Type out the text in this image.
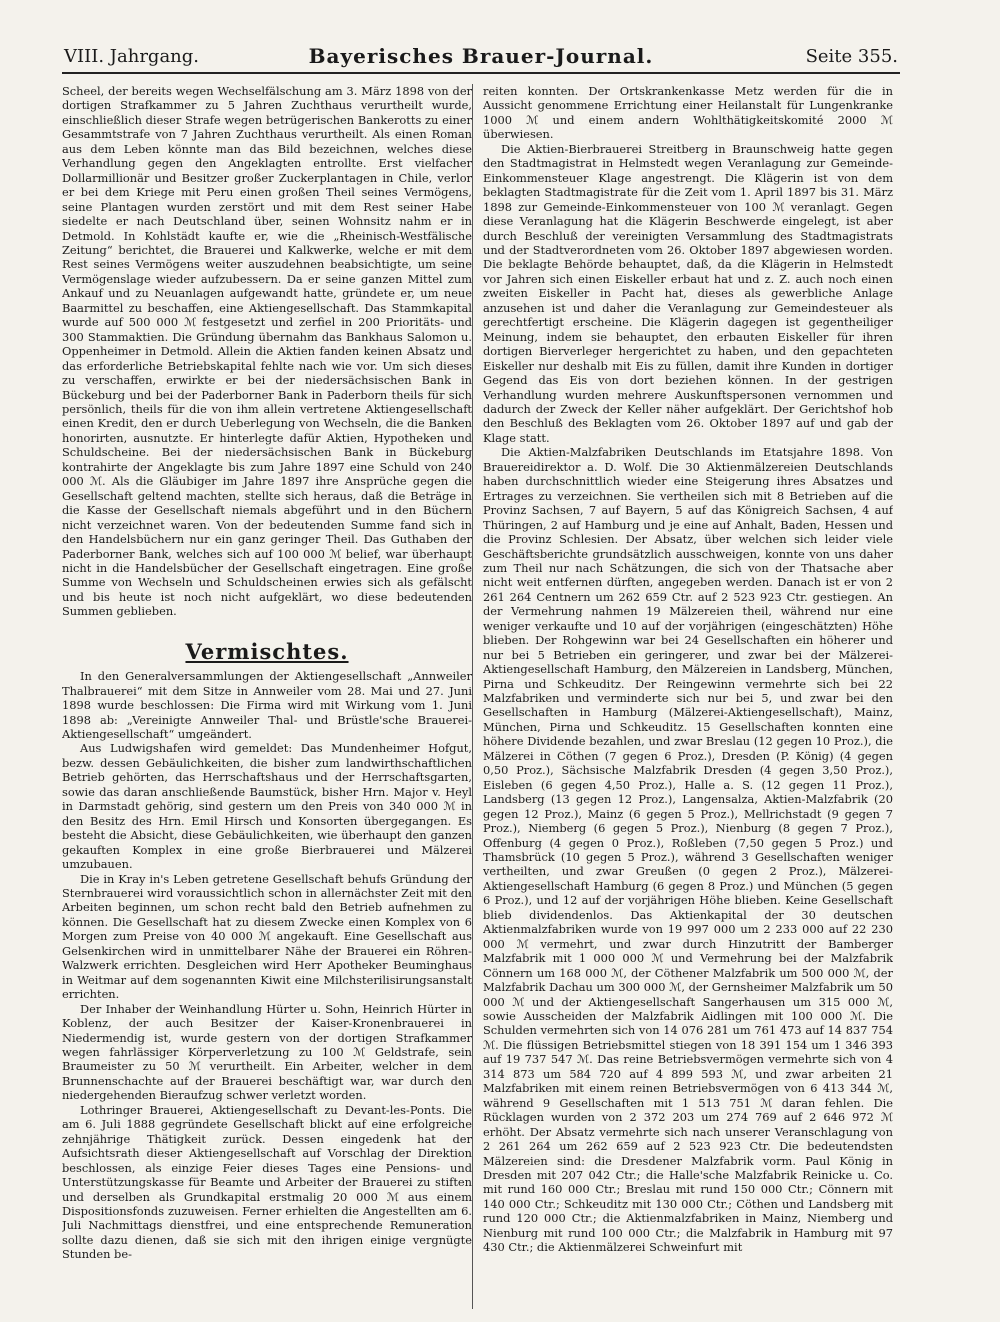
VIII. Jahrgang.	Bayerisches Brauer-Journal.	Seite 355.

Scheel, der bereits wegen Wechselfälschung am 3. März 1898 von der dortigen Strafkammer zu 5 Jahren Zuchthaus verurtheilt wurde, einschließlich dieser Strafe wegen betrügerischen Bankerotts zu einer Gesammtstrafe von 7 Jahren Zuchthaus verurtheilt. Als einen Roman aus dem Leben könnte man das Bild bezeichnen, welches diese Verhandlung gegen den Angeklagten entrollte. Erst vielfacher Dollarmillionär und Besitzer großer Zuckerplantagen in Chile, verlor er bei dem Kriege mit Peru einen großen Theil seines Vermögens, seine Plantagen wurden zerstört und mit dem Rest seiner Habe siedelte er nach Deutschland über, seinen Wohnsitz nahm er in Detmold. In Kohlstädt kaufte er, wie die „Rheinisch-Westfälische Zeitung“ berichtet, die Brauerei und Kalkwerke, welche er mit dem Rest seines Vermögens weiter auszudehnen beabsichtigte, um seine Vermögenslage wieder aufzubessern. Da er seine ganzen Mittel zum Ankauf und zu Neuanlagen aufgewandt hatte, gründete er, um neue Baarmittel zu beschaffen, eine Aktiengesellschaft. Das Stammkapital wurde auf 500 000 ℳ festgesetzt und zerfiel in 200 Prioritäts- und 300 Stammaktien. Die Gründung übernahm das Bankhaus Salomon u. Oppenheimer in Detmold. Allein die Aktien fanden keinen Absatz und das erforderliche Betriebskapital fehlte nach wie vor. Um sich dieses zu verschaffen, erwirkte er bei der niedersächsischen Bank in Bückeburg und bei der Paderborner Bank in Paderborn theils für sich persönlich, theils für die von ihm allein vertretene Aktiengesellschaft einen Kredit, den er durch Ueberlegung von Wechseln, die die Banken honorirten, ausnutzte. Er hinterlegte dafür Aktien, Hypotheken und Schuldscheine. Bei der niedersächsischen Bank in Bückeburg kontrahirte der Angeklagte bis zum Jahre 1897 eine Schuld von 240 000 ℳ. Als die Gläubiger im Jahre 1897 ihre Ansprüche gegen die Gesellschaft geltend machten, stellte sich heraus, daß die Beträge in die Kasse der Gesellschaft niemals abgeführt und in den Büchern nicht verzeichnet waren. Von der bedeutenden Summe fand sich in den Handelsbüchern nur ein ganz geringer Theil. Das Guthaben der Paderborner Bank, welches sich auf 100 000 ℳ belief, war überhaupt nicht in die Handelsbücher der Gesellschaft eingetragen. Eine große Summe von Wechseln und Schuldscheinen erwies sich als gefälscht und bis heute ist noch nicht aufgeklärt, wo diese bedeutenden Summen geblieben.

Vermischtes.

In den Generalversammlungen der Aktiengesellschaft „Annweiler Thalbrauerei“ mit dem Sitze in Annweiler vom 28. Mai und 27. Juni 1898 wurde beschlossen: Die Firma wird mit Wirkung vom 1. Juni 1898 ab: „Vereinigte Annweiler Thal- und Brüstle'sche Brauerei-Aktiengesellschaft“ umgeändert.

Aus Ludwigshafen wird gemeldet: Das Mundenheimer Hofgut, bezw. dessen Gebäulichkeiten, die bisher zum landwirthschaftlichen Betrieb gehörten, das Herrschaftshaus und der Herrschaftsgarten, sowie das daran anschließende Baumstück, bisher Hrn. Major v. Heyl in Darmstadt gehörig, sind gestern um den Preis von 340 000 ℳ in den Besitz des Hrn. Emil Hirsch und Konsorten übergegangen. Es besteht die Absicht, diese Gebäulichkeiten, wie überhaupt den ganzen gekauften Komplex in eine große Bierbrauerei und Mälzerei umzubauen.

Die in Kray in's Leben getretene Gesellschaft behufs Gründung der Sternbrauerei wird voraussichtlich schon in allernächster Zeit mit den Arbeiten beginnen, um schon recht bald den Betrieb aufnehmen zu können. Die Gesellschaft hat zu diesem Zwecke einen Komplex von 6 Morgen zum Preise von 40 000 ℳ angekauft. Eine Gesellschaft aus Gelsenkirchen wird in unmittelbarer Nähe der Brauerei ein Röhren-Walzwerk errichten. Desgleichen wird Herr Apotheker Beuminghaus in Weitmar auf dem sogenannten Kiwit eine Milchsterilisirungsanstalt errichten.

Der Inhaber der Weinhandlung Hürter u. Sohn, Heinrich Hürter in Koblenz, der auch Besitzer der Kaiser-Kronenbrauerei in Niedermendig ist, wurde gestern von der dortigen Strafkammer wegen fahrlässiger Körperverletzung zu 100 ℳ Geldstrafe, sein Braumeister zu 50 ℳ verurtheilt. Ein Arbeiter, welcher in dem Brunnenschachte auf der Brauerei beschäftigt war, war durch den niedergehenden Bieraufzug schwer verletzt worden.

Lothringer Brauerei, Aktiengesellschaft zu Devant-les-Ponts. Die am 6. Juli 1888 gegründete Gesellschaft blickt auf eine erfolgreiche zehnjährige Thätigkeit zurück. Dessen eingedenk hat der Aufsichtsrath dieser Aktiengesellschaft auf Vorschlag der Direktion beschlossen, als einzige Feier dieses Tages eine Pensions- und Unterstützungskasse für Beamte und Arbeiter der Brauerei zu stiften und derselben als Grundkapital erstmalig 20 000 ℳ aus einem Dispositionsfonds zuzuweisen. Ferner erhielten die Angestellten am 6. Juli Nachmittags dienstfrei, und eine entsprechende Remuneration sollte dazu dienen, daß sie sich mit den ihrigen einige vergnügte Stunden be-

reiten konnten. Der Ortskrankenkasse Metz werden für die in Aussicht genommene Errichtung einer Heilanstalt für Lungenkranke 1000 ℳ und einem andern Wohlthätigkeitskomité 2000 ℳ überwiesen.

Die Aktien-Bierbrauerei Streitberg in Braunschweig hatte gegen den Stadtmagistrat in Helmstedt wegen Veranlagung zur Gemeinde-Einkommensteuer Klage angestrengt. Die Klägerin ist von dem beklagten Stadtmagistrate für die Zeit vom 1. April 1897 bis 31. März 1898 zur Gemeinde-Einkommensteuer von 100 ℳ veranlagt. Gegen diese Veranlagung hat die Klägerin Beschwerde eingelegt, ist aber durch Beschluß der vereinigten Versammlung des Stadtmagistrats und der Stadtverordneten vom 26. Oktober 1897 abgewiesen worden. Die beklagte Behörde behauptet, daß, da die Klägerin in Helmstedt vor Jahren sich einen Eiskeller erbaut hat und z. Z. auch noch einen zweiten Eiskeller in Pacht hat, dieses als gewerbliche Anlage anzusehen ist und daher die Veranlagung zur Gemeindesteuer als gerechtfertigt erscheine. Die Klägerin dagegen ist gegentheiliger Meinung, indem sie behauptet, den erbauten Eiskeller für ihren dortigen Bierverleger hergerichtet zu haben, und den gepachteten Eiskeller nur deshalb mit Eis zu füllen, damit ihre Kunden in dortiger Gegend das Eis von dort beziehen können. In der gestrigen Verhandlung wurden mehrere Auskunftspersonen vernommen und dadurch der Zweck der Keller näher aufgeklärt. Der Gerichtshof hob den Beschluß des Beklagten vom 26. Oktober 1897 auf und gab der Klage statt.

Die Aktien-Malzfabriken Deutschlands im Etatsjahre 1898. Von Brauereidirektor a. D. Wolf. Die 30 Aktienmälzereien Deutschlands haben durchschnittlich wieder eine Steigerung ihres Absatzes und Ertrages zu verzeichnen. Sie vertheilen sich mit 8 Betrieben auf die Provinz Sachsen, 7 auf Bayern, 5 auf das Königreich Sachsen, 4 auf Thüringen, 2 auf Hamburg und je eine auf Anhalt, Baden, Hessen und die Provinz Schlesien. Der Absatz, über welchen sich leider viele Geschäftsberichte grundsätzlich ausschweigen, konnte von uns daher zum Theil nur nach Schätzungen, die sich von der Thatsache aber nicht weit entfernen dürften, angegeben werden. Danach ist er von 2 261 264 Centnern um 262 659 Ctr. auf 2 523 923 Ctr. gestiegen. An der Vermehrung nahmen 19 Mälzereien theil, während nur eine weniger verkaufte und 10 auf der vorjährigen (eingeschätzten) Höhe blieben. Der Rohgewinn war bei 24 Gesellschaften ein höherer und nur bei 5 Betrieben ein geringerer, und zwar bei der Mälzerei-Aktiengesellschaft Hamburg, den Mälzereien in Landsberg, München, Pirna und Schkeuditz. Der Reingewinn vermehrte sich bei 22 Malzfabriken und verminderte sich nur bei 5, und zwar bei den Gesellschaften in Hamburg (Mälzerei-Aktiengesellschaft), Mainz, München, Pirna und Schkeuditz. 15 Gesellschaften konnten eine höhere Dividende bezahlen, und zwar Breslau (12 gegen 10 Proz.), die Mälzerei in Cöthen (7 gegen 6 Proz.), Dresden (P. König) (4 gegen 0,50 Proz.), Sächsische Malzfabrik Dresden (4 gegen 3,50 Proz.), Eisleben (6 gegen 4,50 Proz.), Halle a. S. (12 gegen 11 Proz.), Landsberg (13 gegen 12 Proz.), Langensalza, Aktien-Malzfabrik (20 gegen 12 Proz.), Mainz (6 gegen 5 Proz.), Mellrichstadt (9 gegen 7 Proz.), Niemberg (6 gegen 5 Proz.), Nienburg (8 gegen 7 Proz.), Offenburg (4 gegen 0 Proz.), Roßleben (7,50 gegen 5 Proz.) und Thamsbrück (10 gegen 5 Proz.), während 3 Gesellschaften weniger vertheilten, und zwar Greußen (0 gegen 2 Proz.), Mälzerei-Aktiengesellschaft Hamburg (6 gegen 8 Proz.) und München (5 gegen 6 Proz.), und 12 auf der vorjährigen Höhe blieben. Keine Gesellschaft blieb dividendenlos. Das Aktienkapital der 30 deutschen Aktienmalzfabriken wurde von 19 997 000 um 2 233 000 auf 22 230 000 ℳ vermehrt, und zwar durch Hinzutritt der Bamberger Malzfabrik mit 1 000 000 ℳ und Vermehrung bei der Malzfabrik Cönnern um 168 000 ℳ, der Cöthener Malzfabrik um 500 000 ℳ, der Malzfabrik Dachau um 300 000 ℳ, der Gernsheimer Malzfabrik um 50 000 ℳ und der Aktiengesellschaft Sangerhausen um 315 000 ℳ, sowie Ausscheiden der Malzfabrik Aidlingen mit 100 000 ℳ. Die Schulden vermehrten sich von 14 076 281 um 761 473 auf 14 837 754 ℳ. Die flüssigen Betriebsmittel stiegen von 18 391 154 um 1 346 393 auf 19 737 547 ℳ. Das reine Betriebsvermögen vermehrte sich von 4 314 873 um 584 720 auf 4 899 593 ℳ, und zwar arbeiten 21 Malzfabriken mit einem reinen Betriebsvermögen von 6 413 344 ℳ, während 9 Gesellschaften mit 1 513 751 ℳ daran fehlen. Die Rücklagen wurden von 2 372 203 um 274 769 auf 2 646 972 ℳ erhöht. Der Absatz vermehrte sich nach unserer Veranschlagung von 2 261 264 um 262 659 auf 2 523 923 Ctr. Die bedeutendsten Mälzereien sind: die Dresdener Malzfabrik vorm. Paul König in Dresden mit 207 042 Ctr.; die Halle'sche Malzfabrik Reinicke u. Co. mit rund 160 000 Ctr.; Breslau mit rund 150 000 Ctr.; Cönnern mit 140 000 Ctr.; Schkeuditz mit 130 000 Ctr.; Cöthen und Landsberg mit rund 120 000 Ctr.; die Aktienmalzfabriken in Mainz, Niemberg und Nienburg mit rund 100 000 Ctr.; die Malzfabrik in Hamburg mit 97 430 Ctr.; die Aktienmälzerei Schweinfurt mit
